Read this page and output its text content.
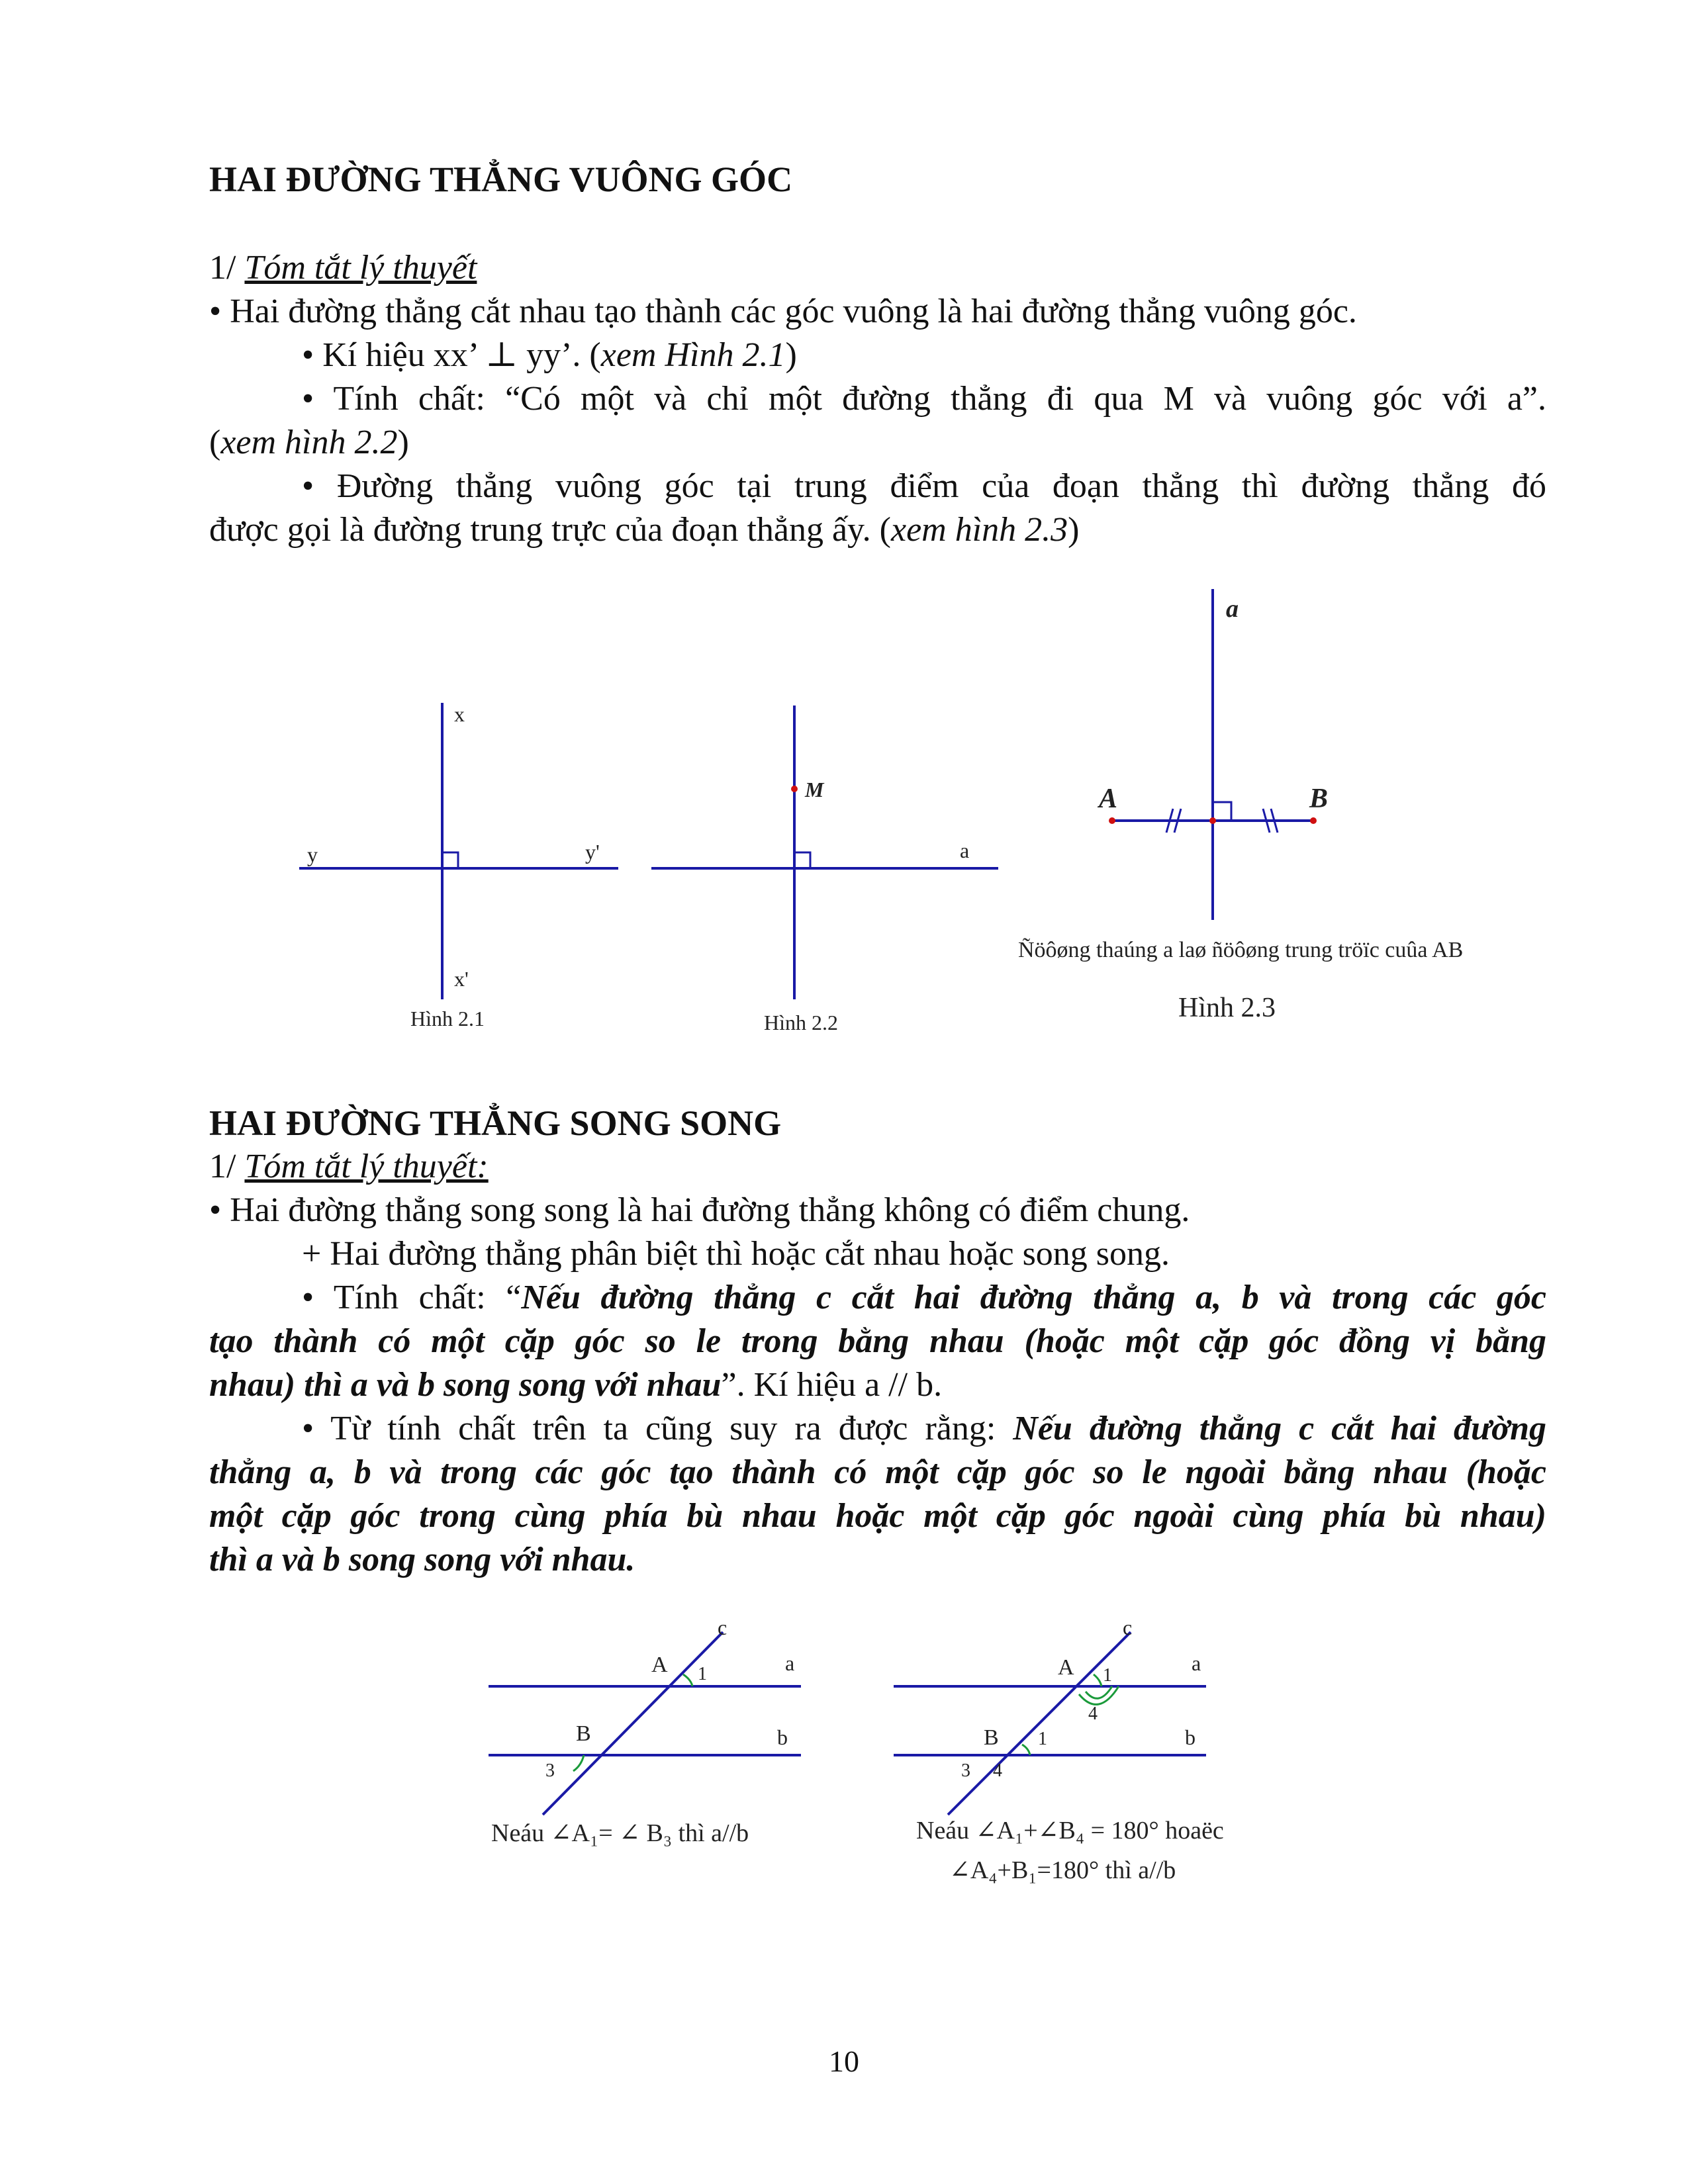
HAI ĐƯỜNG THẲNG VUÔNG GÓC
1/ Tóm tắt lý thuyết
• Hai đường thẳng cắt nhau tạo thành các góc vuông là hai đường thẳng vuông góc.
• Kí hiệu xx’ ⊥ yy’. (xem Hình 2.1)
• Tính chất: “Có một và chỉ một đường thẳng đi qua M và vuông góc với a”.
(xem hình 2.2)
• Đường thẳng vuông góc tại trung điểm của đoạn thẳng thì đường thẳng đó
được gọi là đường trung trực của đoạn thẳng ấy. (xem hình 2.3)
x
x'
y	y'
Hình 2.1
M
a
Hình 2.2
a
A	B
Ñöôøng thaúng a laø ñöôøng trung tröïc cuûa AB
Hình 2.3
c
a
b
A
B
1
3
Neáu ∠A₁= ∠ B₃ thì a//b
c
a
b
A
B
1
4
1
3 4
Neáu ∠A₁+∠B₄ = 180° hoaëc
∠A₄+B₁=180° thì a//b
HAI ĐƯỜNG THẲNG SONG SONG
1/ Tóm tắt lý thuyết:
• Hai đường thẳng song song là hai đường thẳng không có điểm chung.
+ Hai đường thẳng phân biệt thì hoặc cắt nhau hoặc song song.
• Tính chất: “Nếu đường thẳng c cắt hai đường thẳng a, b và trong các góc
tạo thành có một cặp góc so le trong bằng nhau (hoặc một cặp góc đồng vị bằng
nhau) thì a và b song song với nhau”. Kí hiệu a // b.
• Từ tính chất trên ta cũng suy ra được rằng: Nếu đường thẳng c cắt hai đường
thẳng a, b và trong các góc tạo thành có một cặp góc so le ngoài bằng nhau (hoặc
một cặp góc trong cùng phía bù nhau hoặc một cặp góc ngoài cùng phía bù nhau)
thì a và b song song với nhau.
10
